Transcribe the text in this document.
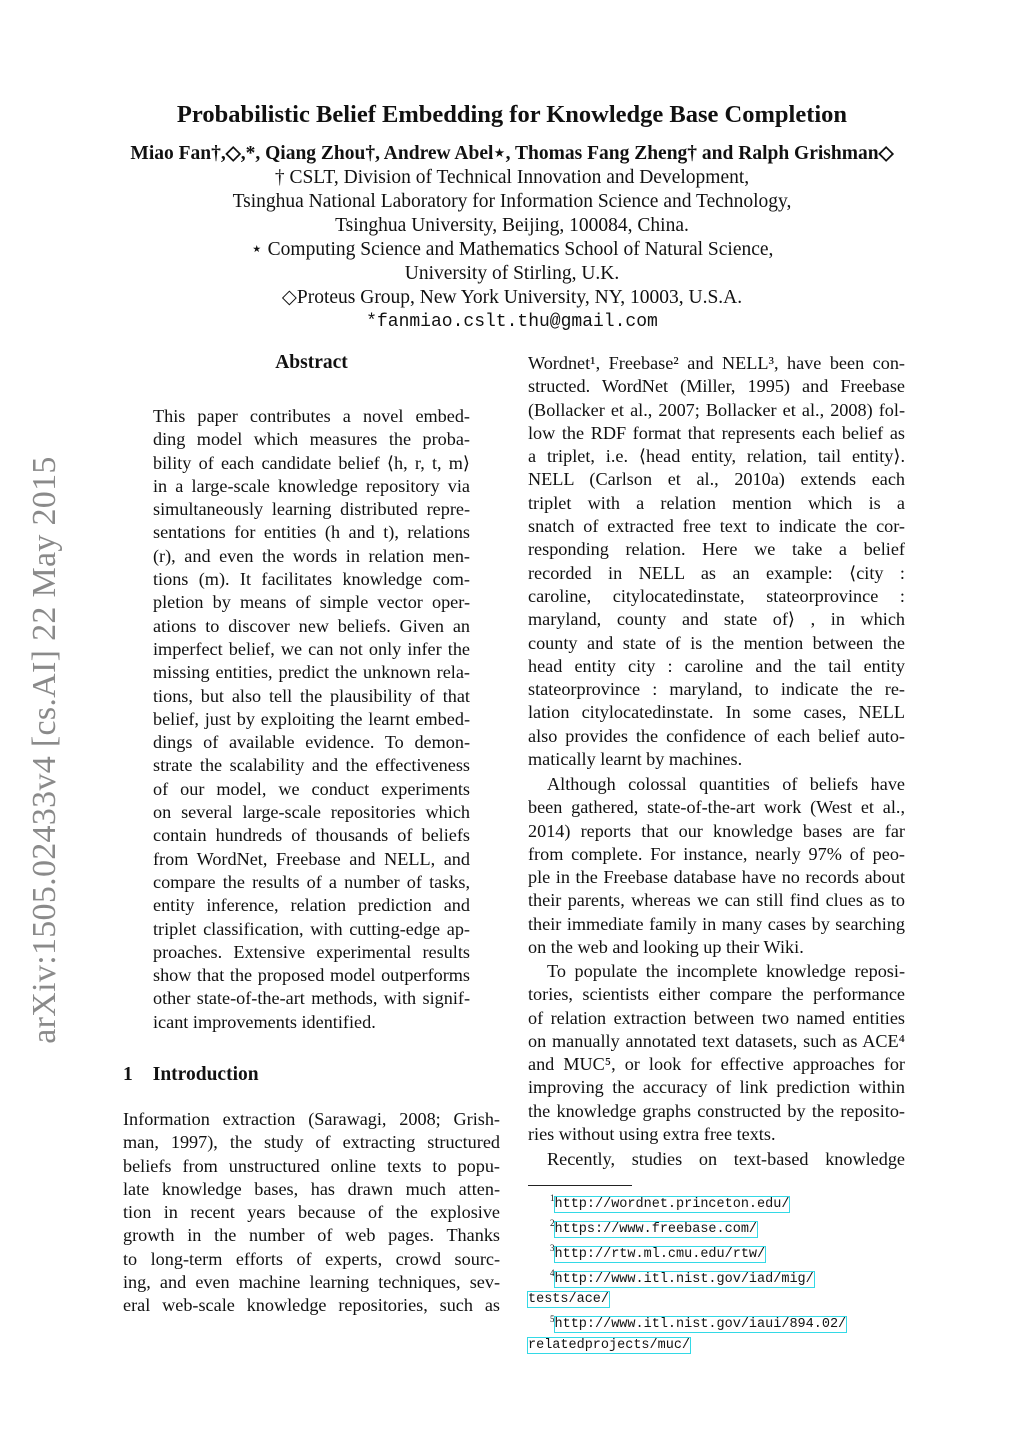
arXiv:1505.02433v4 [cs.AI] 22 May 2015
Probabilistic Belief Embedding for Knowledge Base Completion
Miao Fan†,◇,*, Qiang Zhou†, Andrew Abel⋆, Thomas Fang Zheng† and Ralph Grishman◇
† CSLT, Division of Technical Innovation and Development,
Tsinghua National Laboratory for Information Science and Technology,
Tsinghua University, Beijing, 100084, China.
⋆ Computing Science and Mathematics School of Natural Science,
University of Stirling, U.K.
◇Proteus Group, New York University, NY, 10003, U.S.A.
*fanmiao.cslt.thu@gmail.com
Abstract
This paper contributes a novel embed-
ding model which measures the proba-
bility of each candidate belief ⟨h, r, t, m⟩
in a large-scale knowledge repository via
simultaneously learning distributed repre-
sentations for entities (h and t), relations
(r), and even the words in relation men-
tions (m). It facilitates knowledge com-
pletion by means of simple vector oper-
ations to discover new beliefs. Given an
imperfect belief, we can not only infer the
missing entities, predict the unknown rela-
tions, but also tell the plausibility of that
belief, just by exploiting the learnt embed-
dings of available evidence. To demon-
strate the scalability and the effectiveness
of our model, we conduct experiments
on several large-scale repositories which
contain hundreds of thousands of beliefs
from WordNet, Freebase and NELL, and
compare the results of a number of tasks,
entity inference, relation prediction and
triplet classification, with cutting-edge ap-
proaches. Extensive experimental results
show that the proposed model outperforms
other state-of-the-art methods, with signif-
icant improvements identified.
1 Introduction
Information extraction (Sarawagi, 2008; Grish-
man, 1997), the study of extracting structured
beliefs from unstructured online texts to popu-
late knowledge bases, has drawn much atten-
tion in recent years because of the explosive
growth in the number of web pages. Thanks
to long-term efforts of experts, crowd sourc-
ing, and even machine learning techniques, sev-
eral web-scale knowledge repositories, such as
Wordnet¹, Freebase² and NELL³, have been con-
structed. WordNet (Miller, 1995) and Freebase
(Bollacker et al., 2007; Bollacker et al., 2008) fol-
low the RDF format that represents each belief as
a triplet, i.e. ⟨head entity, relation, tail entity⟩.
NELL (Carlson et al., 2010a) extends each
triplet with a relation mention which is a
snatch of extracted free text to indicate the cor-
responding relation. Here we take a belief
recorded in NELL as an example: ⟨city :
caroline, citylocatedinstate, stateorprovince :
maryland, county and state of⟩ , in which
county and state of is the mention between the
head entity city : caroline and the tail entity
stateorprovince : maryland, to indicate the re-
lation citylocatedinstate. In some cases, NELL
also provides the confidence of each belief auto-
matically learnt by machines.
Although colossal quantities of beliefs have
been gathered, state-of-the-art work (West et al.,
2014) reports that our knowledge bases are far
from complete. For instance, nearly 97% of peo-
ple in the Freebase database have no records about
their parents, whereas we can still find clues as to
their immediate family in many cases by searching
on the web and looking up their Wiki.
To populate the incomplete knowledge reposi-
tories, scientists either compare the performance
of relation extraction between two named entities
on manually annotated text datasets, such as ACE⁴
and MUC⁵, or look for effective approaches for
improving the accuracy of link prediction within
the knowledge graphs constructed by the reposito-
ries without using extra free texts.
Recently, studies on text-based knowledge
$^1$http://wordnet.princeton.edu/
$^2$https://www.freebase.com/
$^3$http://rtw.ml.cmu.edu/rtw/
$^4$http://www.itl.nist.gov/iad/mig/
tests/ace/
$^5$http://www.itl.nist.gov/iaui/894.02/
relatedprojects/muc/
